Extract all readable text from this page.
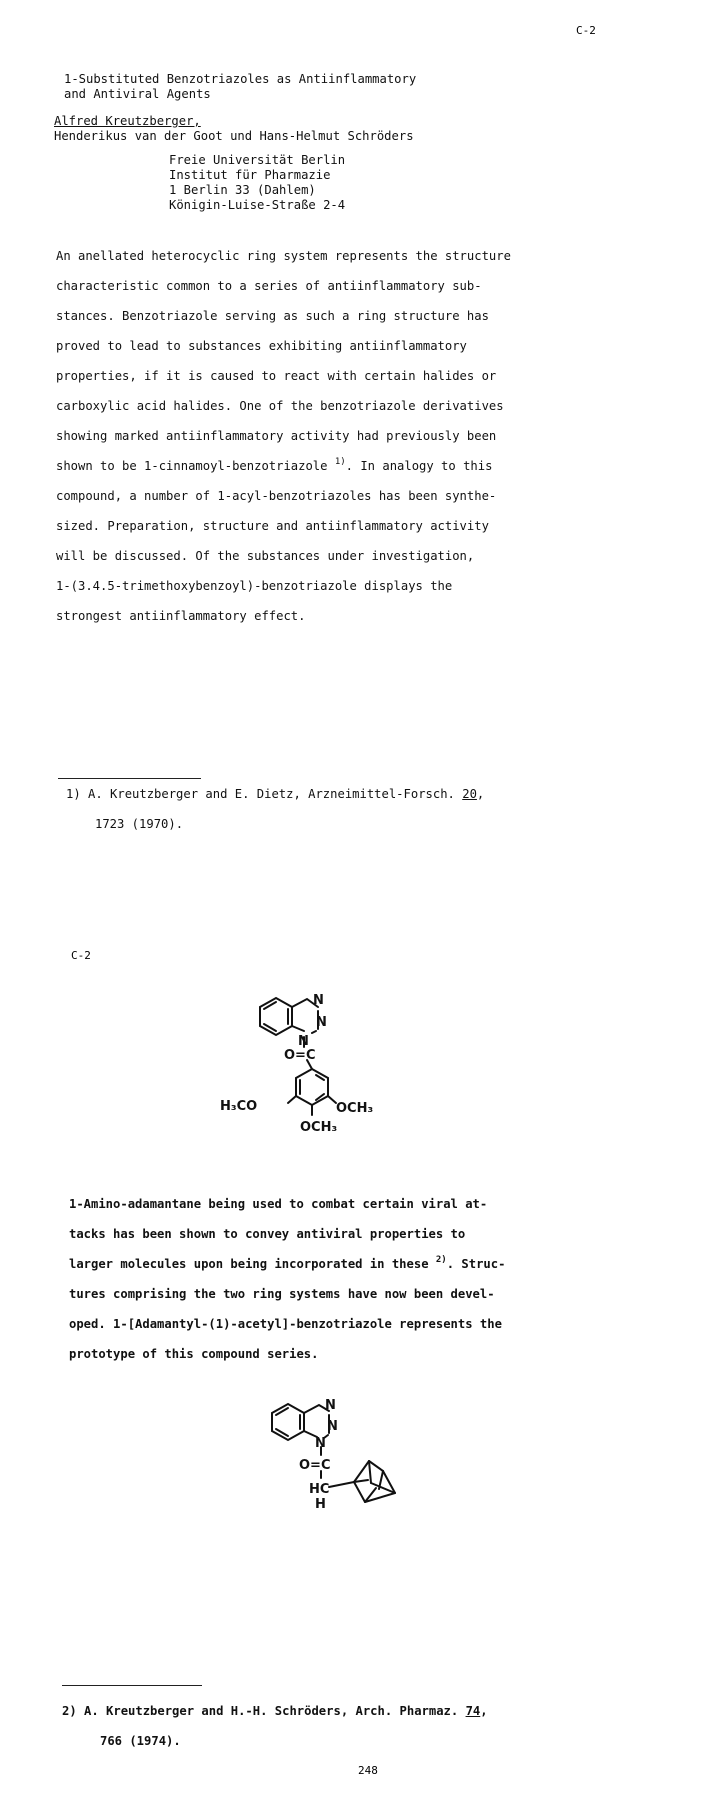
C-2
1-Substituted Benzotriazoles as Antiinflammatory
and Antiviral Agents
Alfred Kreutzberger,
Henderikus van der Goot und Hans-Helmut Schröders
Freie Universität Berlin
Institut für Pharmazie
1 Berlin 33 (Dahlem)
Königin-Luise-Straße 2-4
An anellated heterocyclic ring system represents the structure
characteristic common to a series of antiinflammatory sub-
stances. Benzotriazole serving as such a ring structure has
proved to lead to substances exhibiting antiinflammatory
properties, if it is caused to react with certain halides or
carboxylic acid halides. One of the benzotriazole derivatives
showing marked antiinflammatory activity had previously been
shown to be 1-cinnamoyl-benzotriazole $^{1)}$. In analogy to this
compound, a number of 1-acyl-benzotriazoles has been synthe-
sized. Preparation, structure and antiinflammatory activity
will be discussed. Of the substances under investigation,
1-(3.4.5-trimethoxybenzoyl)-benzotriazole displays the
strongest antiinflammatory effect.
1) A. Kreutzberger and E. Dietz, Arzneimittel-Forsch. 20,
1723 (1970).
C-2
N
N
N
O=C
H₃CO	OCH₃
OCH₃
1-Amino-adamantane being used to combat certain viral at-
tacks has been shown to convey antiviral properties to
larger molecules upon being incorporated in these $^{2)}$. Struc-
tures comprising the two ring systems have now been devel-
oped. 1-[Adamantyl-(1)-acetyl]-benzotriazole represents the
prototype of this compound series.
N
N
N
O=C
HC
H
2) A. Kreutzberger and H.-H. Schröders, Arch. Pharmaz. 74,
766 (1974).
248
